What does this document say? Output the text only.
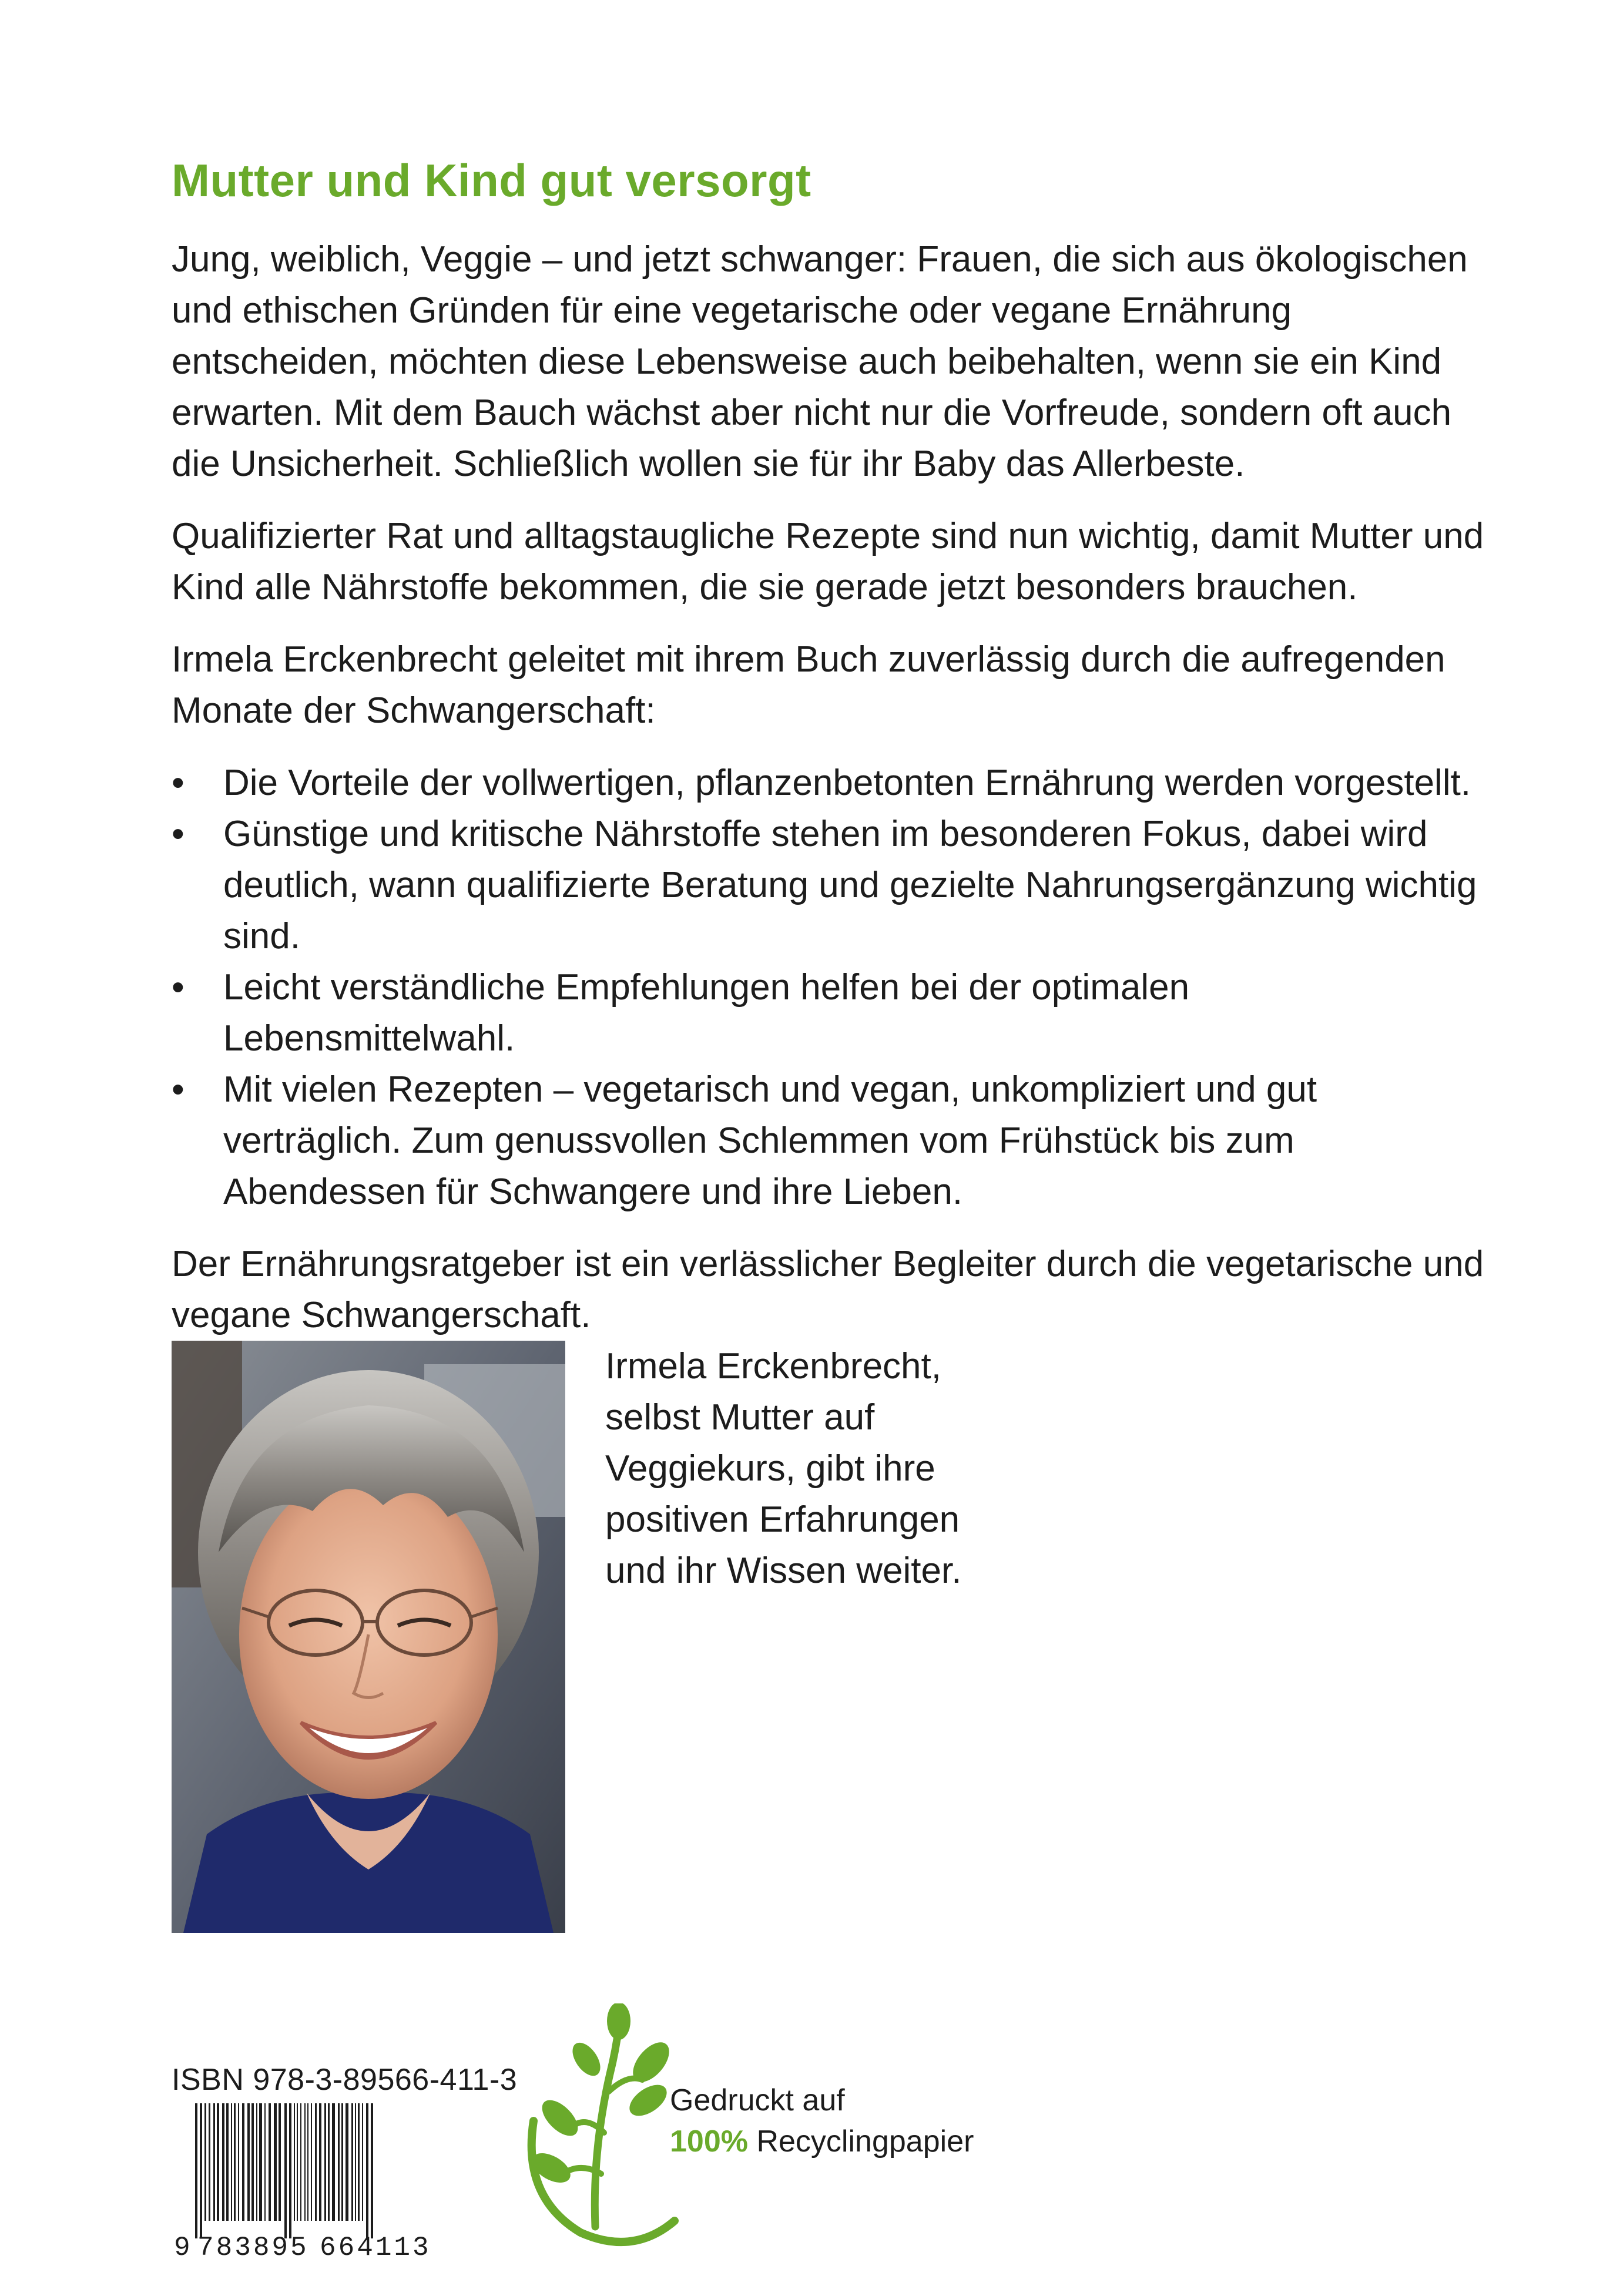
Mutter und Kind gut versorgt

Jung, weiblich, Veggie – und jetzt schwanger: Frauen, die sich aus ökologischen und ethischen Gründen für eine vegetarische oder vegane Ernährung entscheiden, möchten diese Lebensweise auch beibehalten, wenn sie ein Kind erwarten. Mit dem Bauch wächst aber nicht nur die Vorfreude, sondern oft auch die Unsicherheit. Schließlich wollen sie für ihr Baby das Allerbeste.

Qualifizierter Rat und alltagstaugliche Rezepte sind nun wichtig, damit Mutter und Kind alle Nährstoffe bekommen, die sie gerade jetzt besonders brauchen.

Irmela Erckenbrecht geleitet mit ihrem Buch zuverlässig durch die aufregenden Monate der Schwangerschaft:

• Die Vorteile der vollwertigen, pflanzenbetonten Ernährung werden vorgestellt.
• Günstige und kritische Nährstoffe stehen im besonderen Fokus, dabei wird deutlich, wann qualifizierte Beratung und gezielte Nahrungsergänzung wichtig sind.
• Leicht verständliche Empfehlungen helfen bei der optimalen Lebensmittelwahl.
• Mit vielen Rezepten – vegetarisch und vegan, unkompliziert und gut verträglich. Zum genussvollen Schlemmen vom Frühstück bis zum Abendessen für Schwangere und ihre Lieben.

Der Ernährungsratgeber ist ein verlässlicher Begleiter durch die vegetarische und vegane Schwangerschaft.

Irmela Erckenbrecht,
selbst Mutter auf
Veggiekurs, gibt ihre
positiven Erfahrungen
und ihr Wissen weiter.
ISBN 978-3-89566-411-3
9 783895 664113
Gedruckt auf
100% Recyclingpapier
